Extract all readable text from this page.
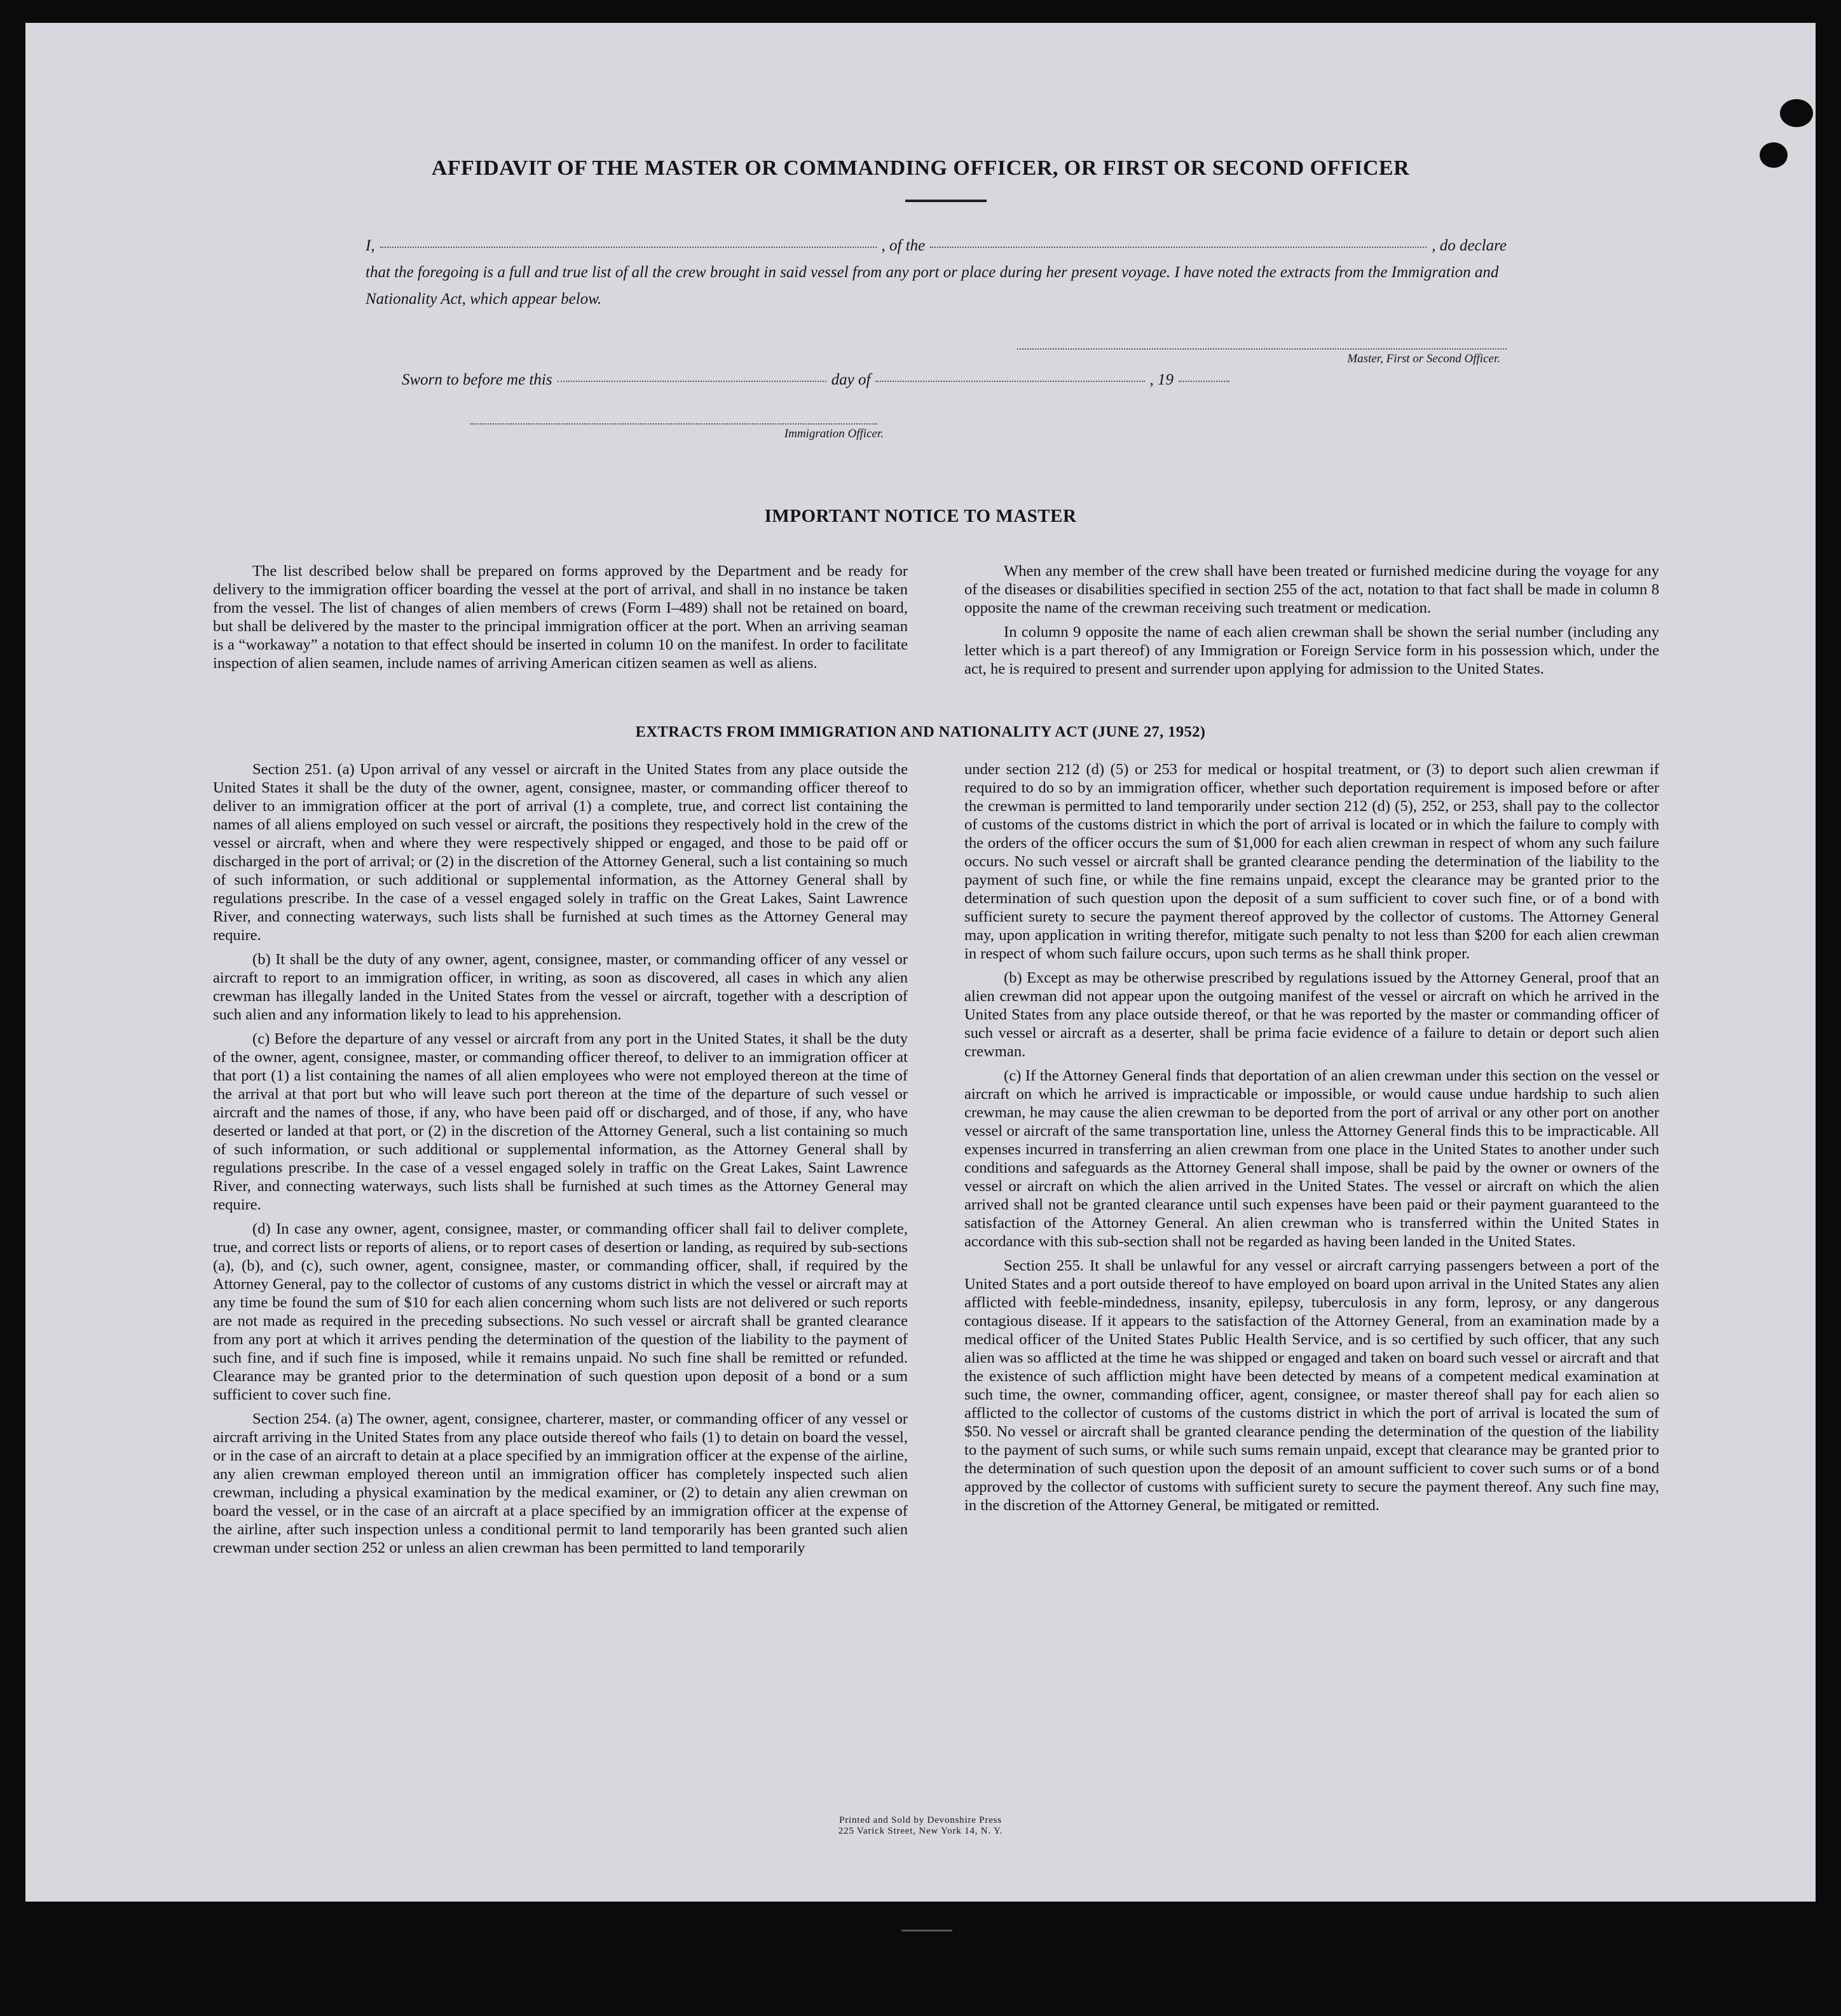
AFFIDAVIT OF THE MASTER OR COMMANDING OFFICER, OR FIRST OR SECOND OFFICER
I,	, of the	, do declare

that the foregoing is a full and true list of all the crew brought in said vessel from any port or place during her present voyage. I have noted the extracts from the Immigration and Nationality Act, which appear below.

Master, First or Second Officer.
Sworn to before me this	day of	, 19
Immigration Officer.
IMPORTANT NOTICE TO MASTER

The list described below shall be prepared on forms approved by the Department and be ready for delivery to the immigration officer boarding the vessel at the port of arrival, and shall in no instance be taken from the vessel. The list of changes of alien members of crews (Form I–489) shall not be retained on board, but shall be delivered by the master to the principal immigration officer at the port. When an arriving seaman is a “workaway” a notation to that effect should be inserted in column 10 on the manifest. In order to facilitate inspection of alien seamen, include names of arriving American citizen seamen as well as aliens.

When any member of the crew shall have been treated or furnished medicine during the voyage for any of the diseases or disabilities specified in section 255 of the act, notation to that fact shall be made in column 8 opposite the name of the crewman receiving such treatment or medication.

In column 9 opposite the name of each alien crewman shall be shown the serial number (including any letter which is a part thereof) of any Immigration or Foreign Service form in his possession which, under the act, he is required to present and surrender upon applying for admission to the United States.

EXTRACTS FROM IMMIGRATION AND NATIONALITY ACT (JUNE 27, 1952)

Section 251. (a) Upon arrival of any vessel or aircraft in the United States from any place outside the United States it shall be the duty of the owner, agent, consignee, master, or commanding officer thereof to deliver to an immigration officer at the port of arrival (1) a complete, true, and correct list containing the names of all aliens employed on such vessel or aircraft, the positions they respectively hold in the crew of the vessel or aircraft, when and where they were respectively shipped or engaged, and those to be paid off or discharged in the port of arrival; or (2) in the discretion of the Attorney General, such a list containing so much of such information, or such additional or supplemental information, as the Attorney General shall by regulations prescribe. In the case of a vessel engaged solely in traffic on the Great Lakes, Saint Lawrence River, and connecting waterways, such lists shall be furnished at such times as the Attorney General may require.

(b) It shall be the duty of any owner, agent, consignee, master, or commanding officer of any vessel or aircraft to report to an immigration officer, in writing, as soon as discovered, all cases in which any alien crewman has illegally landed in the United States from the vessel or aircraft, together with a description of such alien and any information likely to lead to his apprehension.

(c) Before the departure of any vessel or aircraft from any port in the United States, it shall be the duty of the owner, agent, consignee, master, or commanding officer thereof, to deliver to an immigration officer at that port (1) a list containing the names of all alien employees who were not employed thereon at the time of the arrival at that port but who will leave such port thereon at the time of the departure of such vessel or aircraft and the names of those, if any, who have been paid off or discharged, and of those, if any, who have deserted or landed at that port, or (2) in the discretion of the Attorney General, such a list containing so much of such information, or such additional or supplemental information, as the Attorney General shall by regulations prescribe. In the case of a vessel engaged solely in traffic on the Great Lakes, Saint Lawrence River, and connecting waterways, such lists shall be furnished at such times as the Attorney General may require.

(d) In case any owner, agent, consignee, master, or commanding officer shall fail to deliver complete, true, and correct lists or reports of aliens, or to report cases of desertion or landing, as required by sub-sections (a), (b), and (c), such owner, agent, consignee, master, or commanding officer, shall, if required by the Attorney General, pay to the collector of customs of any customs district in which the vessel or aircraft may at any time be found the sum of $10 for each alien concerning whom such lists are not delivered or such reports are not made as required in the preceding subsections. No such vessel or aircraft shall be granted clearance from any port at which it arrives pending the determination of the question of the liability to the payment of such fine, and if such fine is imposed, while it remains unpaid. No such fine shall be remitted or refunded. Clearance may be granted prior to the determination of such question upon deposit of a bond or a sum sufficient to cover such fine.

Section 254. (a) The owner, agent, consignee, charterer, master, or commanding officer of any vessel or aircraft arriving in the United States from any place outside thereof who fails (1) to detain on board the vessel, or in the case of an aircraft to detain at a place specified by an immigration officer at the expense of the airline, any alien crewman employed thereon until an immigration officer has completely inspected such alien crewman, including a physical examination by the medical examiner, or (2) to detain any alien crewman on board the vessel, or in the case of an aircraft at a place specified by an immigration officer at the expense of the airline, after such inspection unless a conditional permit to land temporarily has been granted such alien crewman under section 252 or unless an alien crewman has been permitted to land temporarily

under section 212 (d) (5) or 253 for medical or hospital treatment, or (3) to deport such alien crewman if required to do so by an immigration officer, whether such deportation requirement is imposed before or after the crewman is permitted to land temporarily under section 212 (d) (5), 252, or 253, shall pay to the collector of customs of the customs district in which the port of arrival is located or in which the failure to comply with the orders of the officer occurs the sum of $1,000 for each alien crewman in respect of whom any such failure occurs. No such vessel or aircraft shall be granted clearance pending the determination of the liability to the payment of such fine, or while the fine remains unpaid, except the clearance may be granted prior to the determination of such question upon the deposit of a sum sufficient to cover such fine, or of a bond with sufficient surety to secure the payment thereof approved by the collector of customs. The Attorney General may, upon application in writing therefor, mitigate such penalty to not less than $200 for each alien crewman in respect of whom such failure occurs, upon such terms as he shall think proper.

(b) Except as may be otherwise prescribed by regulations issued by the Attorney General, proof that an alien crewman did not appear upon the outgoing manifest of the vessel or aircraft on which he arrived in the United States from any place outside thereof, or that he was reported by the master or commanding officer of such vessel or aircraft as a deserter, shall be prima facie evidence of a failure to detain or deport such alien crewman.

(c) If the Attorney General finds that deportation of an alien crewman under this section on the vessel or aircraft on which he arrived is impracticable or impossible, or would cause undue hardship to such alien crewman, he may cause the alien crewman to be deported from the port of arrival or any other port on another vessel or aircraft of the same transportation line, unless the Attorney General finds this to be impracticable. All expenses incurred in transferring an alien crewman from one place in the United States to another under such conditions and safeguards as the Attorney General shall impose, shall be paid by the owner or owners of the vessel or aircraft on which the alien arrived in the United States. The vessel or aircraft on which the alien arrived shall not be granted clearance until such expenses have been paid or their payment guaranteed to the satisfaction of the Attorney General. An alien crewman who is transferred within the United States in accordance with this sub-section shall not be regarded as having been landed in the United States.

Section 255. It shall be unlawful for any vessel or aircraft carrying passengers between a port of the United States and a port outside thereof to have employed on board upon arrival in the United States any alien afflicted with feeble-mindedness, insanity, epilepsy, tuberculosis in any form, leprosy, or any dangerous contagious disease. If it appears to the satisfaction of the Attorney General, from an examination made by a medical officer of the United States Public Health Service, and is so certified by such officer, that any such alien was so afflicted at the time he was shipped or engaged and taken on board such vessel or aircraft and that the existence of such affliction might have been detected by means of a competent medical examination at such time, the owner, commanding officer, agent, consignee, or master thereof shall pay for each alien so afflicted to the collector of customs of the customs district in which the port of arrival is located the sum of $50. No vessel or aircraft shall be granted clearance pending the determination of the question of the liability to the payment of such sums, or while such sums remain unpaid, except that clearance may be granted prior to the determination of such question upon the deposit of an amount sufficient to cover such sums or of a bond approved by the collector of customs with sufficient surety to secure the payment thereof. Any such fine may, in the discretion of the Attorney General, be mitigated or remitted.

Printed and Sold by Devonshire Press
225 Varick Street, New York 14, N. Y.
